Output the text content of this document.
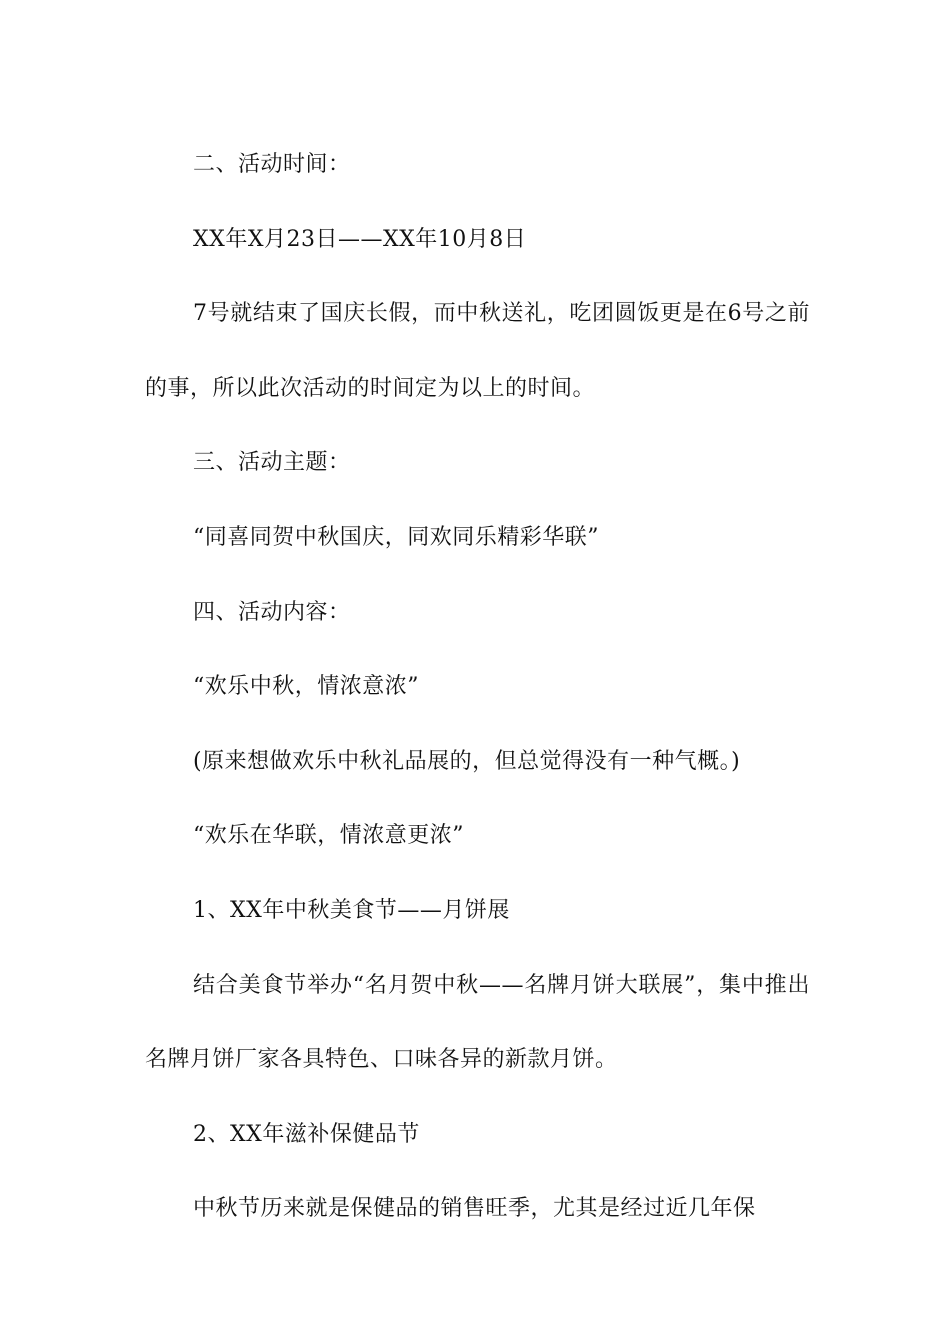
二、活动时间：

XX年X月23日——XX年10月8日

7号就结束了国庆长假，而中秋送礼，吃团圆饭更是在6号之前的事，所以此次活动的时间定为以上的时间。

三、活动主题：

“同喜同贺中秋国庆，同欢同乐精彩华联”

四、活动内容：

“欢乐中秋，情浓意浓”

(原来想做欢乐中秋礼品展的，但总觉得没有一种气概。)

“欢乐在华联，情浓意更浓”

1、XX年中秋美食节——月饼展

结合美食节举办“名月贺中秋——名牌月饼大联展”，集中推出名牌月饼厂家各具特色、口味各异的新款月饼。

2、XX年滋补保健品节

中秋节历来就是保健品的销售旺季，尤其是经过近几年保
